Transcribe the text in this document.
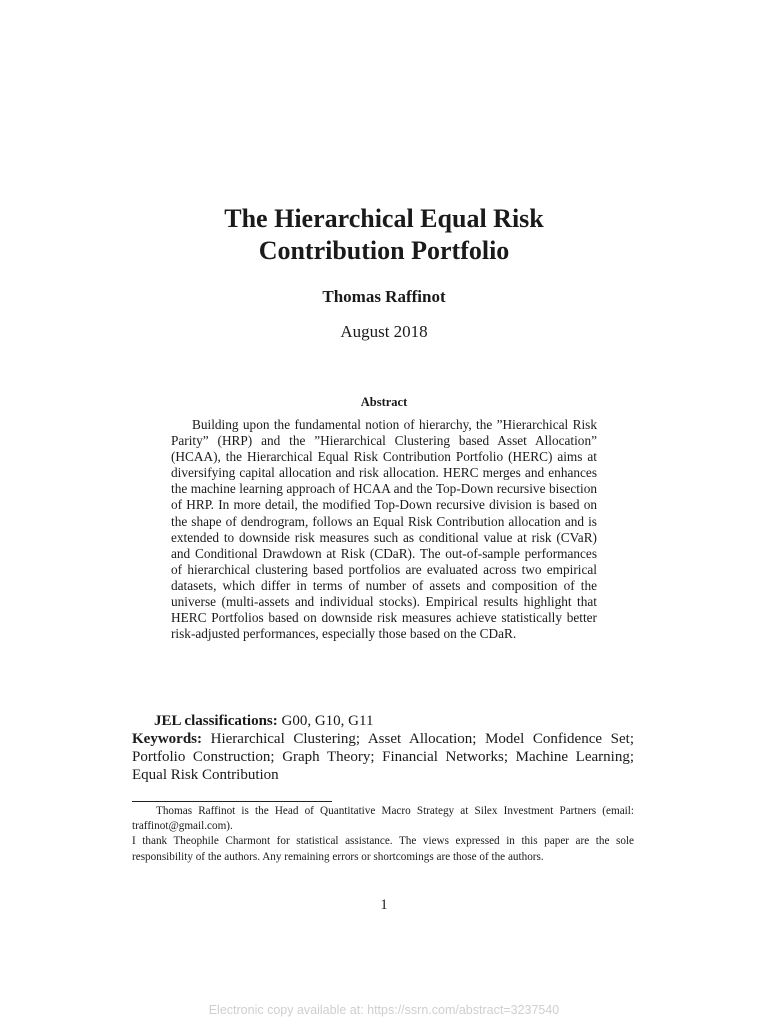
The Hierarchical Equal Risk
Contribution Portfolio
Thomas Raffinot
August 2018
Abstract

Building upon the fundamental notion of hierarchy, the ”Hierarchical Risk Parity” (HRP) and the ”Hierarchical Clustering based Asset Allocation” (HCAA), the Hierarchical Equal Risk Contribution Portfolio (HERC) aims at diversifying capital allocation and risk allocation. HERC merges and enhances the machine learning approach of HCAA and the Top-Down recursive bisection of HRP. In more detail, the modified Top-Down recursive division is based on the shape of dendrogram, follows an Equal Risk Contribution allocation and is extended to downside risk measures such as conditional value at risk (CVaR) and Conditional Drawdown at Risk (CDaR). The out-of-sample performances of hierarchical clustering based portfolios are evaluated across two empirical datasets, which differ in terms of number of assets and composition of the universe (multi-assets and individual stocks). Empirical results highlight that HERC Portfolios based on downside risk measures achieve statistically better risk-adjusted performances, especially those based on the CDaR.

JEL classifications: G00, G10, G11

Keywords: Hierarchical Clustering; Asset Allocation; Model Confidence Set; Portfolio Construction; Graph Theory; Financial Networks; Machine Learning; Equal Risk Contribution

Thomas Raffinot is the Head of Quantitative Macro Strategy at Silex Investment Partners (email: traffinot@gmail.com).

I thank Theophile Charmont for statistical assistance. The views expressed in this paper are the sole responsibility of the authors. Any remaining errors or shortcomings are those of the authors.

1
Electronic copy available at: https://ssrn.com/abstract=3237540
